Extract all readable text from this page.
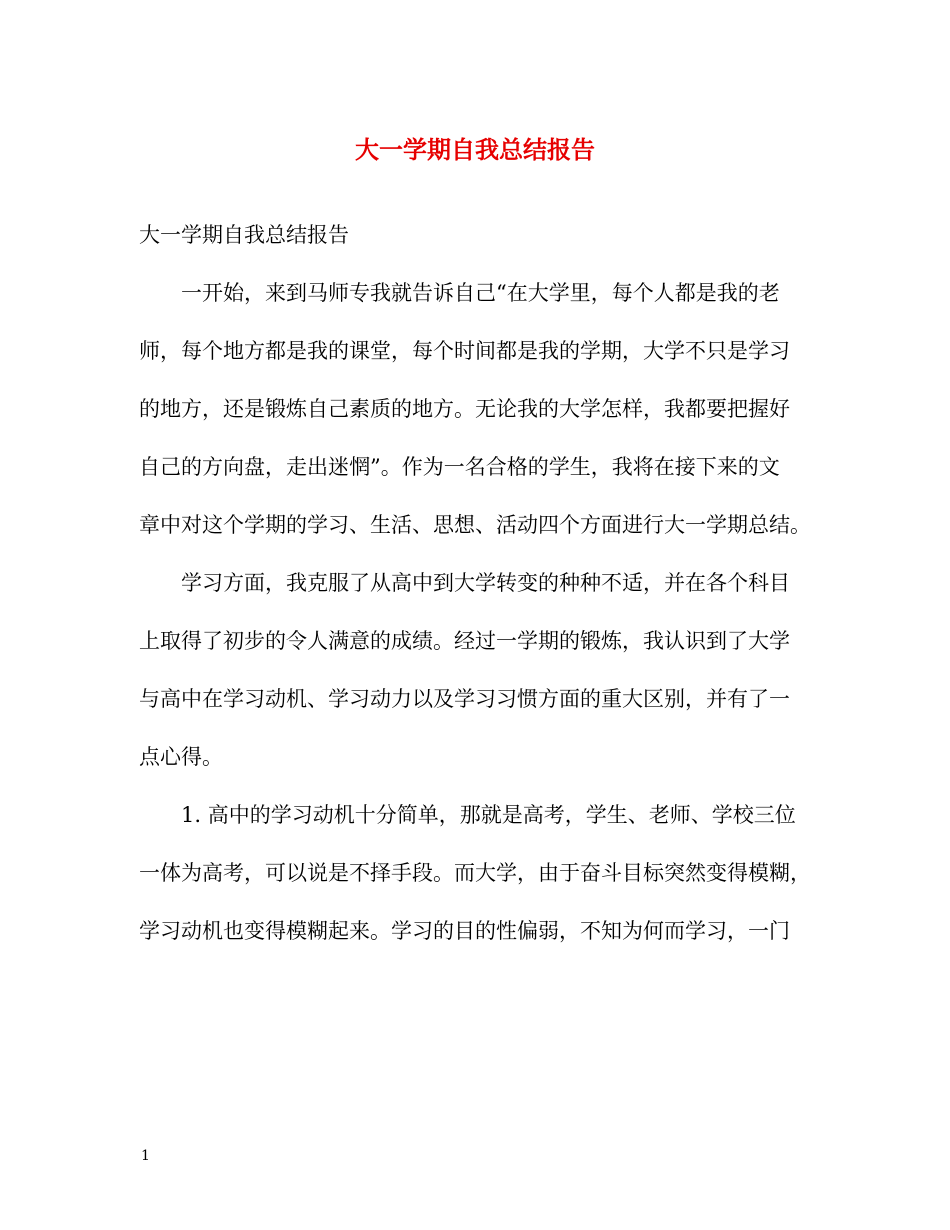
大一学期自我总结报告
大一学期自我总结报告
一开始，来到马师专我就告诉自己“在大学里，每个人都是我的老
师，每个地方都是我的课堂，每个时间都是我的学期，大学不只是学习
的地方，还是锻炼自己素质的地方。无论我的大学怎样，我都要把握好
自己的方向盘，走出迷惘”。作为一名合格的学生，我将在接下来的文
章中对这个学期的学习、生活、思想、活动四个方面进行大一学期总结。
学习方面，我克服了从高中到大学转变的种种不适，并在各个科目
上取得了初步的令人满意的成绩。经过一学期的锻炼，我认识到了大学
与高中在学习动机、学习动力以及学习习惯方面的重大区别，并有了一
点心得。
1. 高中的学习动机十分简单，那就是高考，学生、老师、学校三位
一体为高考，可以说是不择手段。而大学，由于奋斗目标突然变得模糊，
学习动机也变得模糊起来。学习的目的性偏弱，不知为何而学习，一门
1
